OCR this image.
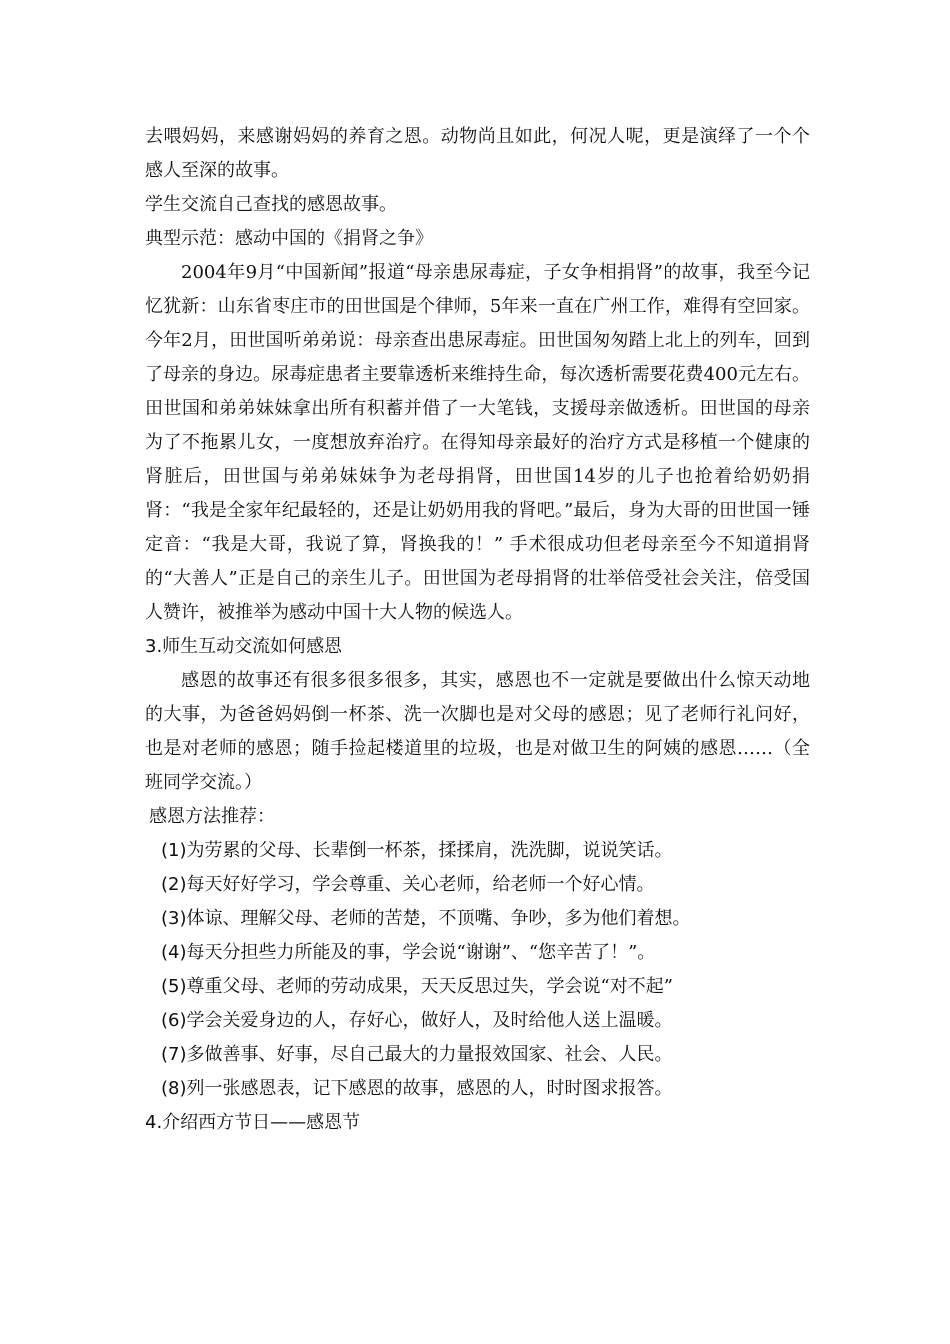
去喂妈妈，来感谢妈妈的养育之恩。动物尚且如此，何况人呢，更是演绎了一个个感人至深的故事。

学生交流自己查找的感恩故事。

典型示范：感动中国的《捐肾之争》

2004年9月“中国新闻”报道“母亲患尿毒症，子女争相捐肾”的故事，我至今记忆犹新：山东省枣庄市的田世国是个律师，5年来一直在广州工作，难得有空回家。今年2月，田世国听弟弟说：母亲查出患尿毒症。田世国匆匆踏上北上的列车，回到了母亲的身边。尿毒症患者主要靠透析来维持生命，每次透析需要花费400元左右。田世国和弟弟妹妹拿出所有积蓄并借了一大笔钱，支援母亲做透析。田世国的母亲为了不拖累儿女，一度想放弃治疗。在得知母亲最好的治疗方式是移植一个健康的肾脏后，田世国与弟弟妹妹争为老母捐肾，田世国14岁的儿子也抢着给奶奶捐肾：“我是全家年纪最轻的，还是让奶奶用我的肾吧。”最后，身为大哥的田世国一锤定音：“我是大哥，我说了算，肾换我的！” 手术很成功但老母亲至今不知道捐肾的“大善人”正是自己的亲生儿子。田世国为老母捐肾的壮举倍受社会关注，倍受国人赞许，被推举为感动中国十大人物的候选人。

3.师生互动交流如何感恩

感恩的故事还有很多很多很多，其实，感恩也不一定就是要做出什么惊天动地的大事，为爸爸妈妈倒一杯茶、洗一次脚也是对父母的感恩；见了老师行礼问好，也是对老师的感恩；随手捡起楼道里的垃圾，也是对做卫生的阿姨的感恩……（全班同学交流。）

感恩方法推荐：

(1)为劳累的父母、长辈倒一杯茶，揉揉肩，洗洗脚，说说笑话。
(2)每天好好学习，学会尊重、关心老师，给老师一个好心情。
(3)体谅、理解父母、老师的苦楚，不顶嘴、争吵，多为他们着想。
(4)每天分担些力所能及的事，学会说“谢谢”、“您辛苦了！”。
(5)尊重父母、老师的劳动成果，天天反思过失，学会说“对不起”
(6)学会关爱身边的人，存好心，做好人，及时给他人送上温暖。
(7)多做善事、好事，尽自己最大的力量报效国家、社会、人民。
(8)列一张感恩表，记下感恩的故事，感恩的人，时时图求报答。

4.介绍西方节日——感恩节
